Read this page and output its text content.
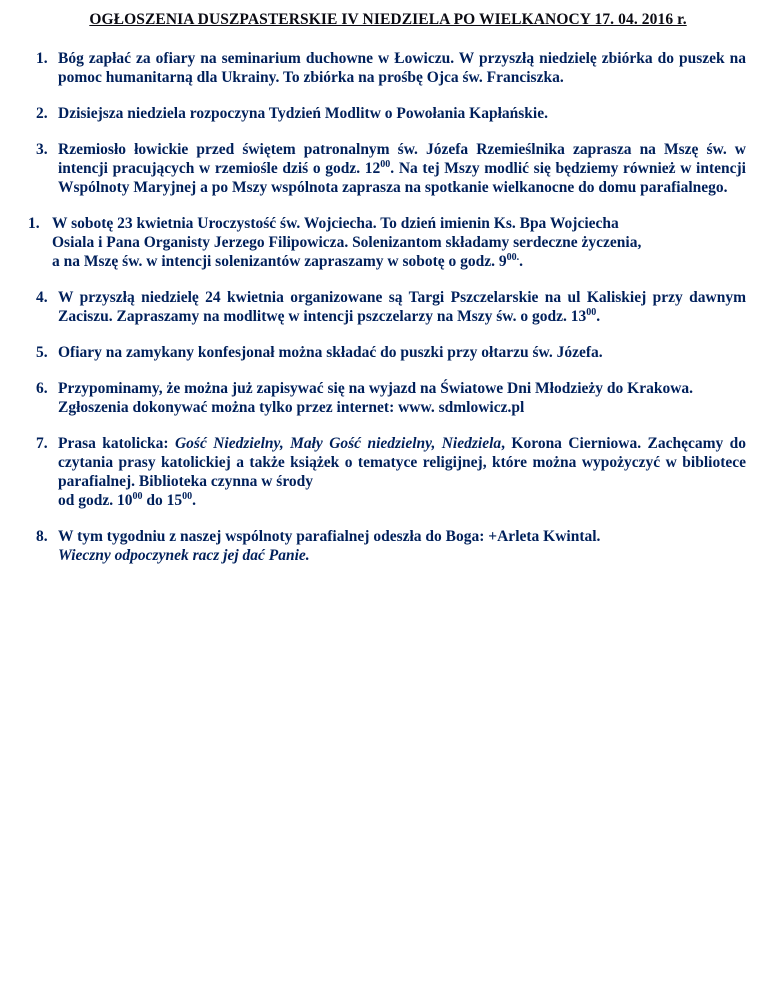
OGŁOSZENIA DUSZPASTERSKIE IV NIEDZIELA PO WIELKANOCY 17. 04. 2016 r.
1. Bóg zapłać za ofiary na seminarium duchowne w Łowiczu. W przyszłą niedzielę zbiórka do puszek na pomoc humanitarną dla Ukrainy. To zbiórka na prośbę Ojca św. Franciszka.
2. Dzisiejsza niedziela rozpoczyna Tydzień Modlitw o Powołania Kapłańskie.
3. Rzemiosło łowickie przed świętem patronalnym św. Józefa Rzemieślnika zaprasza na Mszę św. w intencji pracujących w rzemiośle dziś o godz. $12^{00}$. Na tej Mszy modlić się będziemy również w intencji Wspólnoty Maryjnej a po Mszy wspólnota zaprasza na spotkanie wielkanocne do domu parafialnego.
1. W sobotę 23 kwietnia Uroczystość św. Wojciecha. To dzień imienin Ks. Bpa Wojciecha
Osiala i Pana Organisty Jerzego Filipowicza. Solenizantom składamy serdeczne życzenia,
a na Mszę św. w intencji solenizantów zapraszamy w sobotę o godz. $9^{00.}$.
4. W przyszłą niedzielę 24 kwietnia organizowane są Targi Pszczelarskie na ul Kaliskiej przy dawnym Zaciszu. Zapraszamy na modlitwę w intencji pszczelarzy na Mszy św. o godz. $13^{00}$.
5. Ofiary na zamykany konfesjonał można składać do puszki przy ołtarzu św. Józefa.
6. Przypominamy, że można już zapisywać się na wyjazd na Światowe Dni Młodzieży do Krakowa. Zgłoszenia dokonywać można tylko przez internet: www. sdmlowicz.pl
7. Prasa katolicka: Gość Niedzielny, Mały Gość niedzielny, Niedziela, Korona Cierniowa. Zachęcamy do czytania prasy katolickiej a także książek o tematyce religijnej, które można wypożyczyć w bibliotece parafialnej. Biblioteka czynna w środy
od godz. $10^{00}$ do $15^{00}$.
8. W tym tygodniu z naszej wspólnoty parafialnej odeszła do Boga: +Arleta Kwintal.
Wieczny odpoczynek racz jej dać Panie.
